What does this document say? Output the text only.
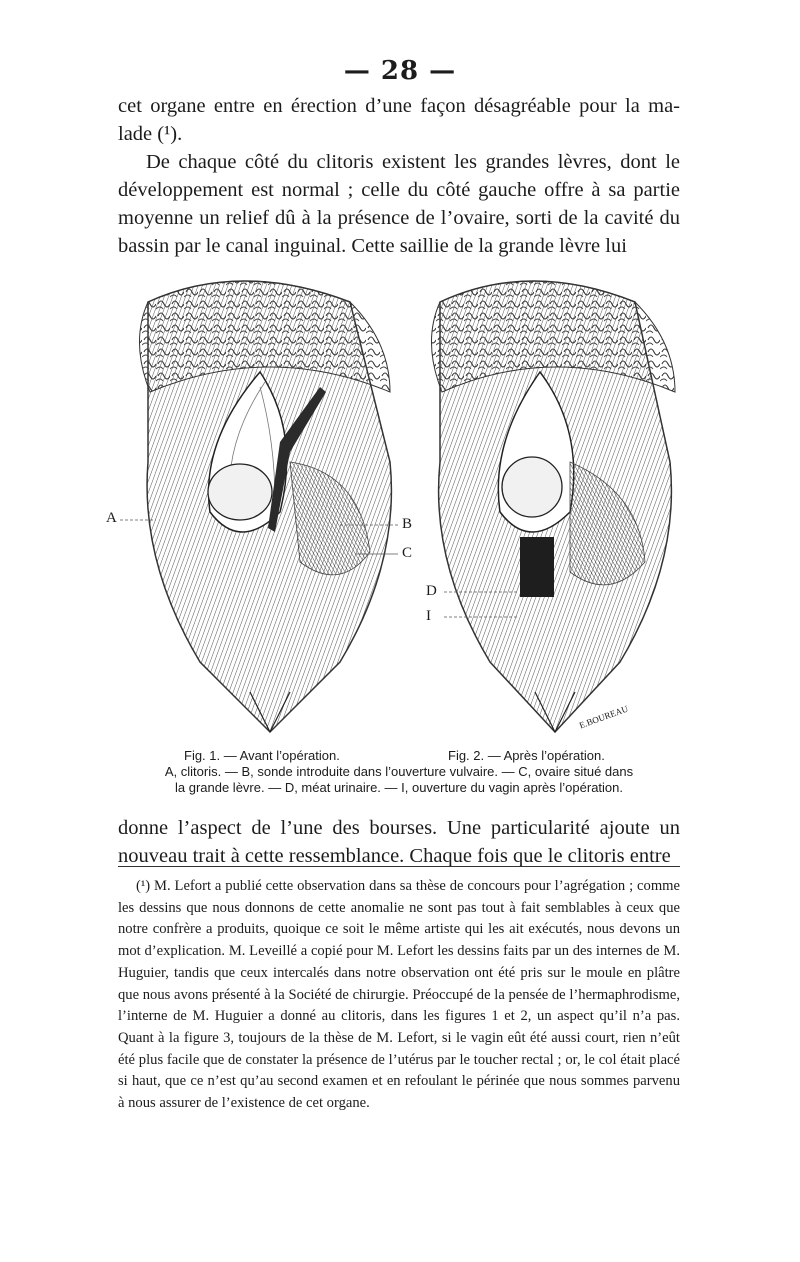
— 28 —
cet organe entre en érection d’une façon désagréable pour la ma-
lade (¹).
De chaque côté du clitoris existent les grandes lèvres, dont le développement est normal ; celle du côté gauche offre à sa partie moyenne un relief dû à la présence de l’ovaire, sorti de la cavité du bassin par le canal inguinal. Cette saillie de la grande lèvre lui
A	B
C
D
I
E.BOUREAU
Fig. 1. — Avant l’opération.	Fig. 2. — Après l’opération.
A, clitoris. — B, sonde introduite dans l’ouverture vulvaire. — C, ovaire situé dans
la grande lèvre. — D, méat urinaire. — I, ouverture du vagin après l’opération.
donne l’aspect de l’une des bourses. Une particularité ajoute un nouveau trait à cette ressemblance. Chaque fois que le clitoris entre
(¹) M. Lefort a publié cette observation dans sa thèse de concours pour l’agrégation ; comme les dessins que nous donnons de cette anomalie ne sont pas tout à fait semblables à ceux que notre confrère a produits, quoique ce soit le même artiste qui les ait exécutés, nous devons un mot d’explication. M. Leveillé a copié pour M. Lefort les dessins faits par un des internes de M. Huguier, tandis que ceux intercalés dans notre observation ont été pris sur le moule en plâtre que nous avons présenté à la Société de chirurgie. Préoccupé de la pensée de l’hermaphrodisme, l’interne de M. Huguier a donné au clitoris, dans les figures 1 et 2, un aspect qu’il n’a pas. Quant à la figure 3, toujours de la thèse de M. Lefort, si le vagin eût été aussi court, rien n’eût été plus facile que de constater la présence de l’utérus par le toucher rectal ; or, le col était placé si haut, que ce n’est qu’au second examen et en refoulant le périnée que nous sommes parvenu à nous assurer de l’existence de cet organe.
